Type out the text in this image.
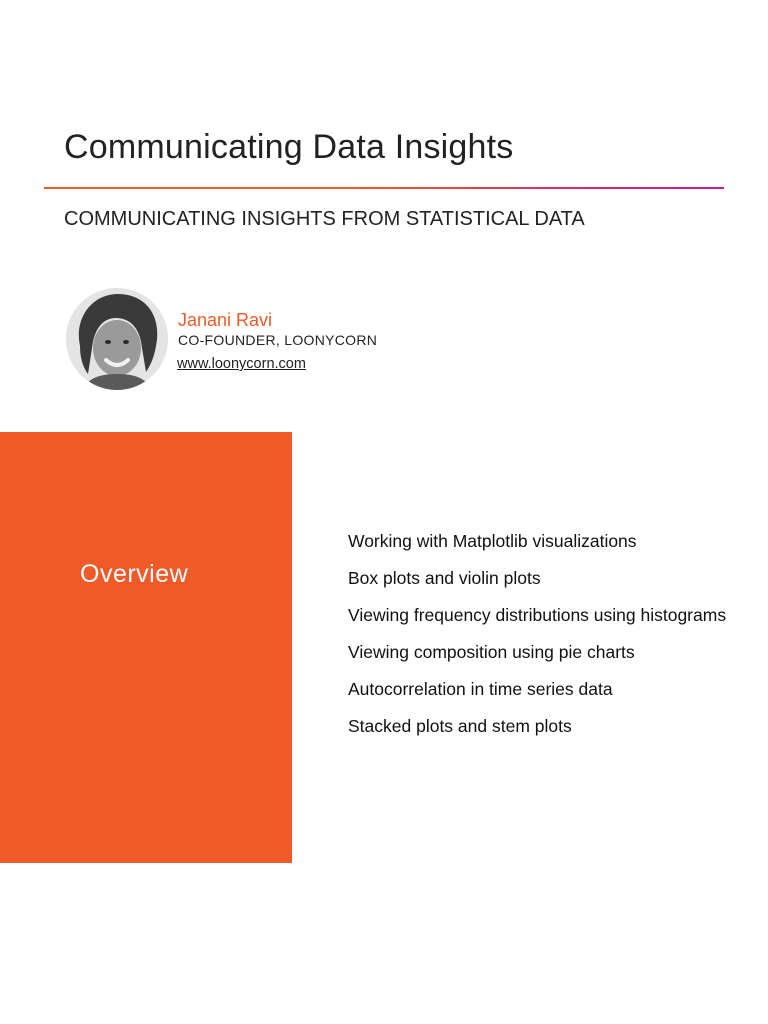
Communicating Data Insights
COMMUNICATING INSIGHTS FROM STATISTICAL DATA
Janani Ravi
CO-FOUNDER, LOONYCORN
www.loonycorn.com
Overview
Working with Matplotlib visualizations
Box plots and violin plots
Viewing frequency distributions using histograms
Viewing composition using pie charts
Autocorrelation in time series data
Stacked plots and stem plots
